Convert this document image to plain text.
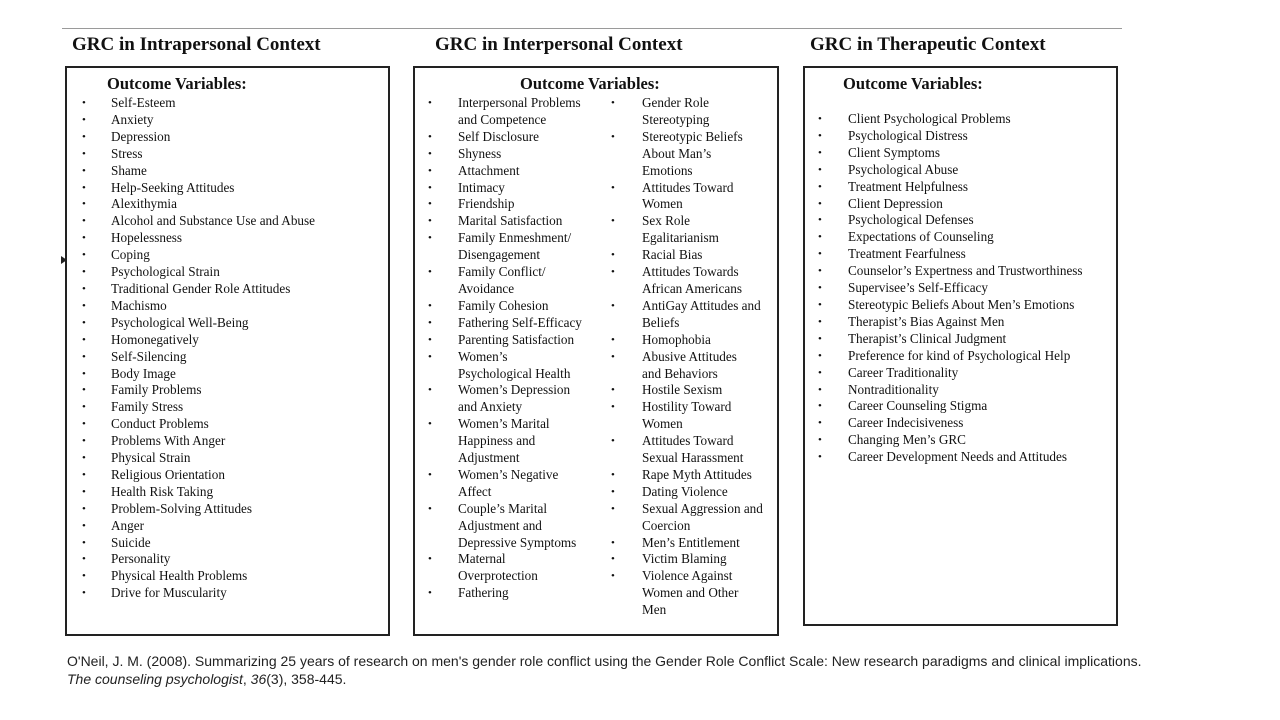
GRC in Intrapersonal Context	GRC in Interpersonal Context	GRC in Therapeutic Context
Outcome Variables:
• Self-Esteem
• Anxiety
• Depression
• Stress
• Shame
• Help-Seeking Attitudes
• Alexithymia
• Alcohol and Substance Use and Abuse
• Hopelessness
• Coping
• Psychological Strain
• Traditional Gender Role Attitudes
• Machismo
• Psychological Well-Being
• Homonegatively
• Self-Silencing
• Body Image
• Family Problems
• Family Stress
• Conduct Problems
• Problems With Anger
• Physical Strain
• Religious Orientation
• Health Risk Taking
• Problem-Solving Attitudes
• Anger
• Suicide
• Personality
• Physical Health Problems
• Drive for Muscularity
Outcome Variables:
• Interpersonal Problems
and Competence
• Self Disclosure
• Shyness
• Attachment
• Intimacy
• Friendship
• Marital Satisfaction
• Family Enmeshment/
Disengagement
• Family Conflict/
Avoidance
• Family Cohesion
• Fathering Self-Efficacy
• Parenting Satisfaction
• Women’s
Psychological Health
• Women’s Depression
and Anxiety
• Women’s Marital
Happiness and
Adjustment
• Women’s Negative
Affect
• Couple’s Marital
Adjustment and
Depressive Symptoms
• Maternal
Overprotection
• Fathering
• Gender Role
Stereotyping
• Stereotypic Beliefs
About Man’s
Emotions
• Attitudes Toward
Women
• Sex Role
Egalitarianism
• Racial Bias
• Attitudes Towards
African Americans
• AntiGay Attitudes and
Beliefs
• Homophobia
• Abusive Attitudes
and Behaviors
• Hostile Sexism
• Hostility Toward
Women
• Attitudes Toward
Sexual Harassment
• Rape Myth Attitudes
• Dating Violence
• Sexual Aggression and
Coercion
• Men’s Entitlement
• Victim Blaming
• Violence Against
Women and Other
Men
Outcome Variables:
• Client Psychological Problems
• Psychological Distress
• Client Symptoms
• Psychological Abuse
• Treatment Helpfulness
• Client Depression
• Psychological Defenses
• Expectations of Counseling
• Treatment Fearfulness
• Counselor’s Expertness and Trustworthiness
• Supervisee’s Self-Efficacy
• Stereotypic Beliefs About Men’s Emotions
• Therapist’s Bias Against Men
• Therapist’s Clinical Judgment
• Preference for kind of Psychological Help
• Career Traditionality
• Nontraditionality
• Career Counseling Stigma
• Career Indecisiveness
• Changing Men’s GRC
• Career Development Needs and Attitudes
O'Neil, J. M. (2008). Summarizing 25 years of research on men's gender role conflict using the Gender Role Conflict Scale: New research paradigms and clinical implications. The counseling psychologist, 36(3), 358-445.
